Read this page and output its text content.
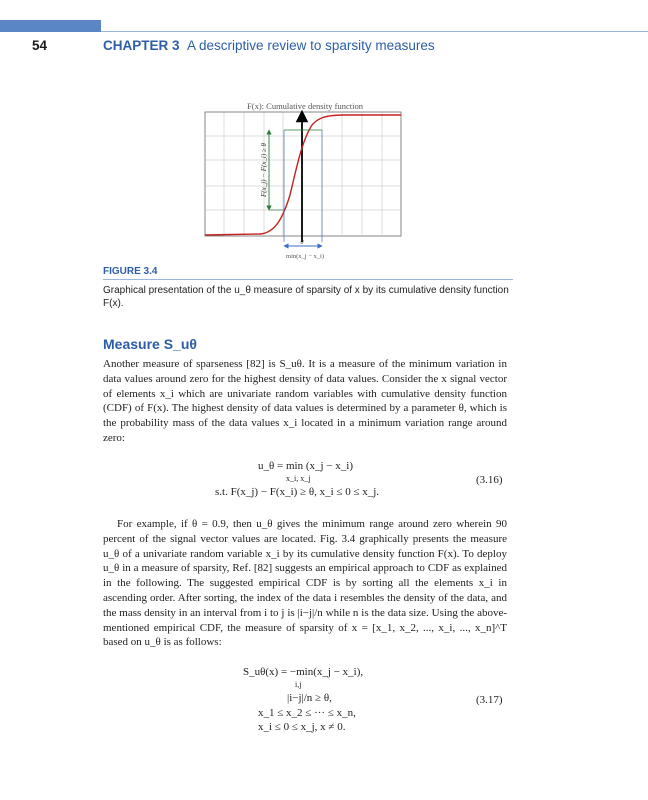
54	CHAPTER 3 A descriptive review to sparsity measures
F(x): Cumulative density function
F(x_j) − F(x_i) ≥ θ
θ
min(x_j − x_i)
FIGURE 3.4
Graphical presentation of the u_θ measure of sparsity of x by its cumulative density function F(x).
Measure S_uθ
Another measure of sparseness [82] is S_uθ. It is a measure of the minimum variation in data values around zero for the highest density of data values. Consider the x signal vector of elements x_i which are univariate random variables with cumulative density function (CDF) of F(x). The highest density of data values is determined by a parameter θ, which is the probability mass of the data values x_i located in a minimum variation range around zero:
u_θ = min (x_j − x_i)
x_i, x_j
s.t. F(x_j) − F(x_i) ≥ θ, x_i ≤ 0 ≤ x_j.
(3.16)
For example, if θ = 0.9, then u_θ gives the minimum range around zero wherein 90 percent of the signal vector values are located. Fig. 3.4 graphically presents the measure u_θ of a univariate random variable x_i by its cumulative density function F(x). To deploy u_θ in a measure of sparsity, Ref. [82] suggests an empirical approach to CDF as explained in the following. The suggested empirical CDF is by sorting all the elements x_i in ascending order. After sorting, the index of the data i resembles the density of the data, and the mass density in an interval from i to j is |i−j|/n while n is the data size. Using the above-mentioned empirical CDF, the measure of sparsity of x = [x_1, x_2, ..., x_i, ..., x_n]^T based on u_θ is as follows:
S_uθ(x) = −min(x_j − x_i),
i,j
|i−j|/n ≥ θ,
x_1 ≤ x_2 ≤ ··· ≤ x_n,
x_i ≤ 0 ≤ x_j, x ≠ 0.
(3.17)
